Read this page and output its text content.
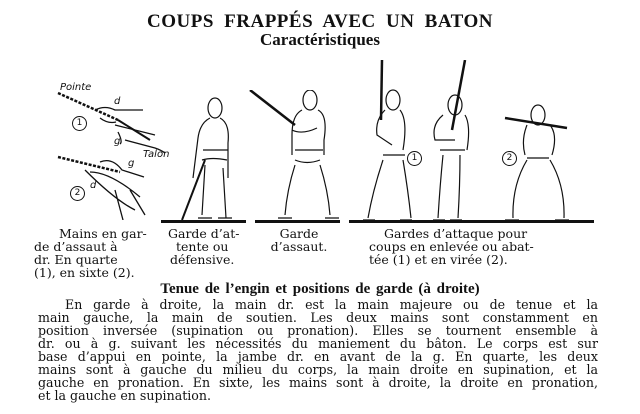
COUPS FRAPPÉS AVEC UN BATON
Caractéristiques
Pointe
d
g
Talon
g
d
1
2
Mains en gar-
de d’assaut à
dr. En quarte
(1), en sixte (2).
Garde d’at-
tente ou
défensive.
Garde
d’assaut.
1	2
Gardes d’attaque pour
coups en enlevée ou abat-
tée (1) et en virée (2).
Tenue de l’engin et positions de garde (à droite)
En garde à droite, la main dr. est la main majeure ou de tenue et la
main gauche, la main de soutien. Les deux mains sont constamment en
position inversée (supination ou pronation). Elles se tournent ensemble à
dr. ou à g. suivant les nécessités du maniement du bâton. Le corps est sur
base d’appui en pointe, la jambe dr. en avant de la g. En quarte, les deux
mains sont à gauche du milieu du corps, la main droite en supination, et la
gauche en pronation. En sixte, les mains sont à droite, la droite en pronation,
et la gauche en supination.
